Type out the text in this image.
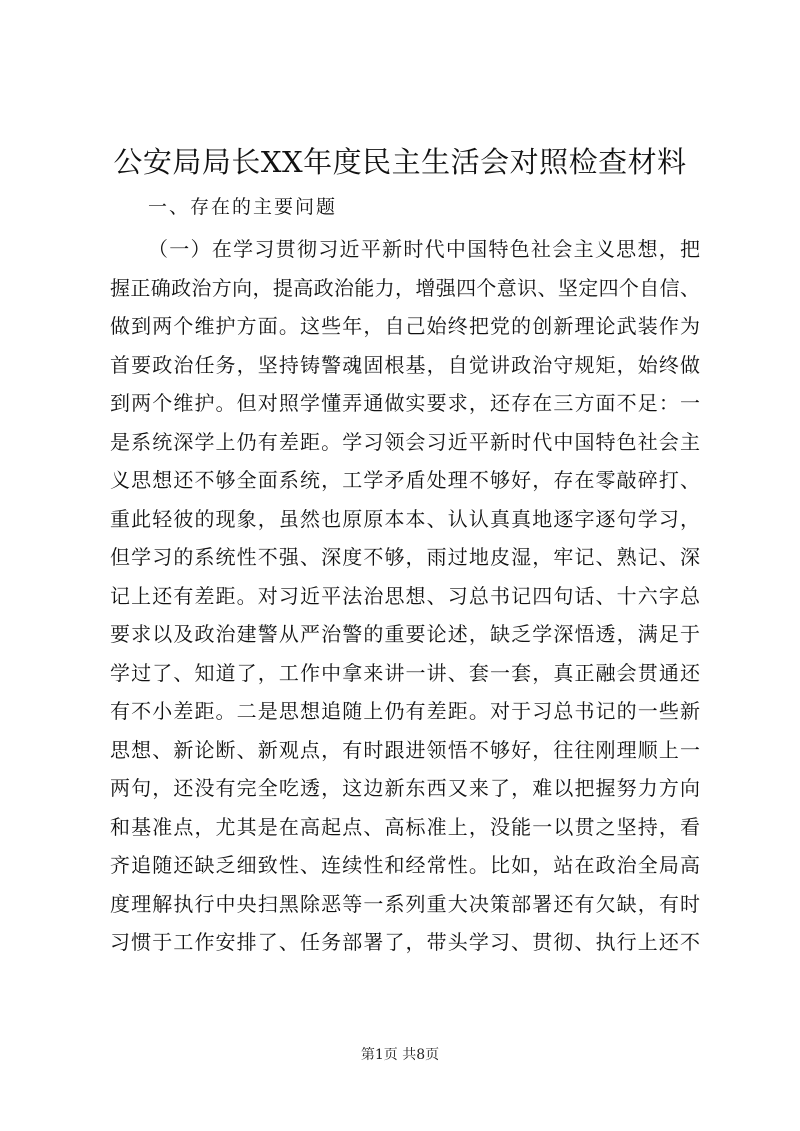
公安局局长XX年度民主生活会对照检查材料
一、存在的主要问题
（一）在学习贯彻习近平新时代中国特色社会主义思想，把
握正确政治方向，提高政治能力，增强四个意识、坚定四个自信、
做到两个维护方面。这些年，自己始终把党的创新理论武装作为
首要政治任务，坚持铸警魂固根基，自觉讲政治守规矩，始终做
到两个维护。但对照学懂弄通做实要求，还存在三方面不足：一
是系统深学上仍有差距。学习领会习近平新时代中国特色社会主
义思想还不够全面系统，工学矛盾处理不够好，存在零敲碎打、
重此轻彼的现象，虽然也原原本本、认认真真地逐字逐句学习，
但学习的系统性不强、深度不够，雨过地皮湿，牢记、熟记、深
记上还有差距。对习近平法治思想、习总书记四句话、十六字总
要求以及政治建警从严治警的重要论述，缺乏学深悟透，满足于
学过了、知道了，工作中拿来讲一讲、套一套，真正融会贯通还
有不小差距。二是思想追随上仍有差距。对于习总书记的一些新
思想、新论断、新观点，有时跟进领悟不够好，往往刚理顺上一
两句，还没有完全吃透，这边新东西又来了，难以把握努力方向
和基准点，尤其是在高起点、高标准上，没能一以贯之坚持，看
齐追随还缺乏细致性、连续性和经常性。比如，站在政治全局高
度理解执行中央扫黑除恶等一系列重大决策部署还有欠缺，有时
习惯于工作安排了、任务部署了，带头学习、贯彻、执行上还不
第1页 共8页
